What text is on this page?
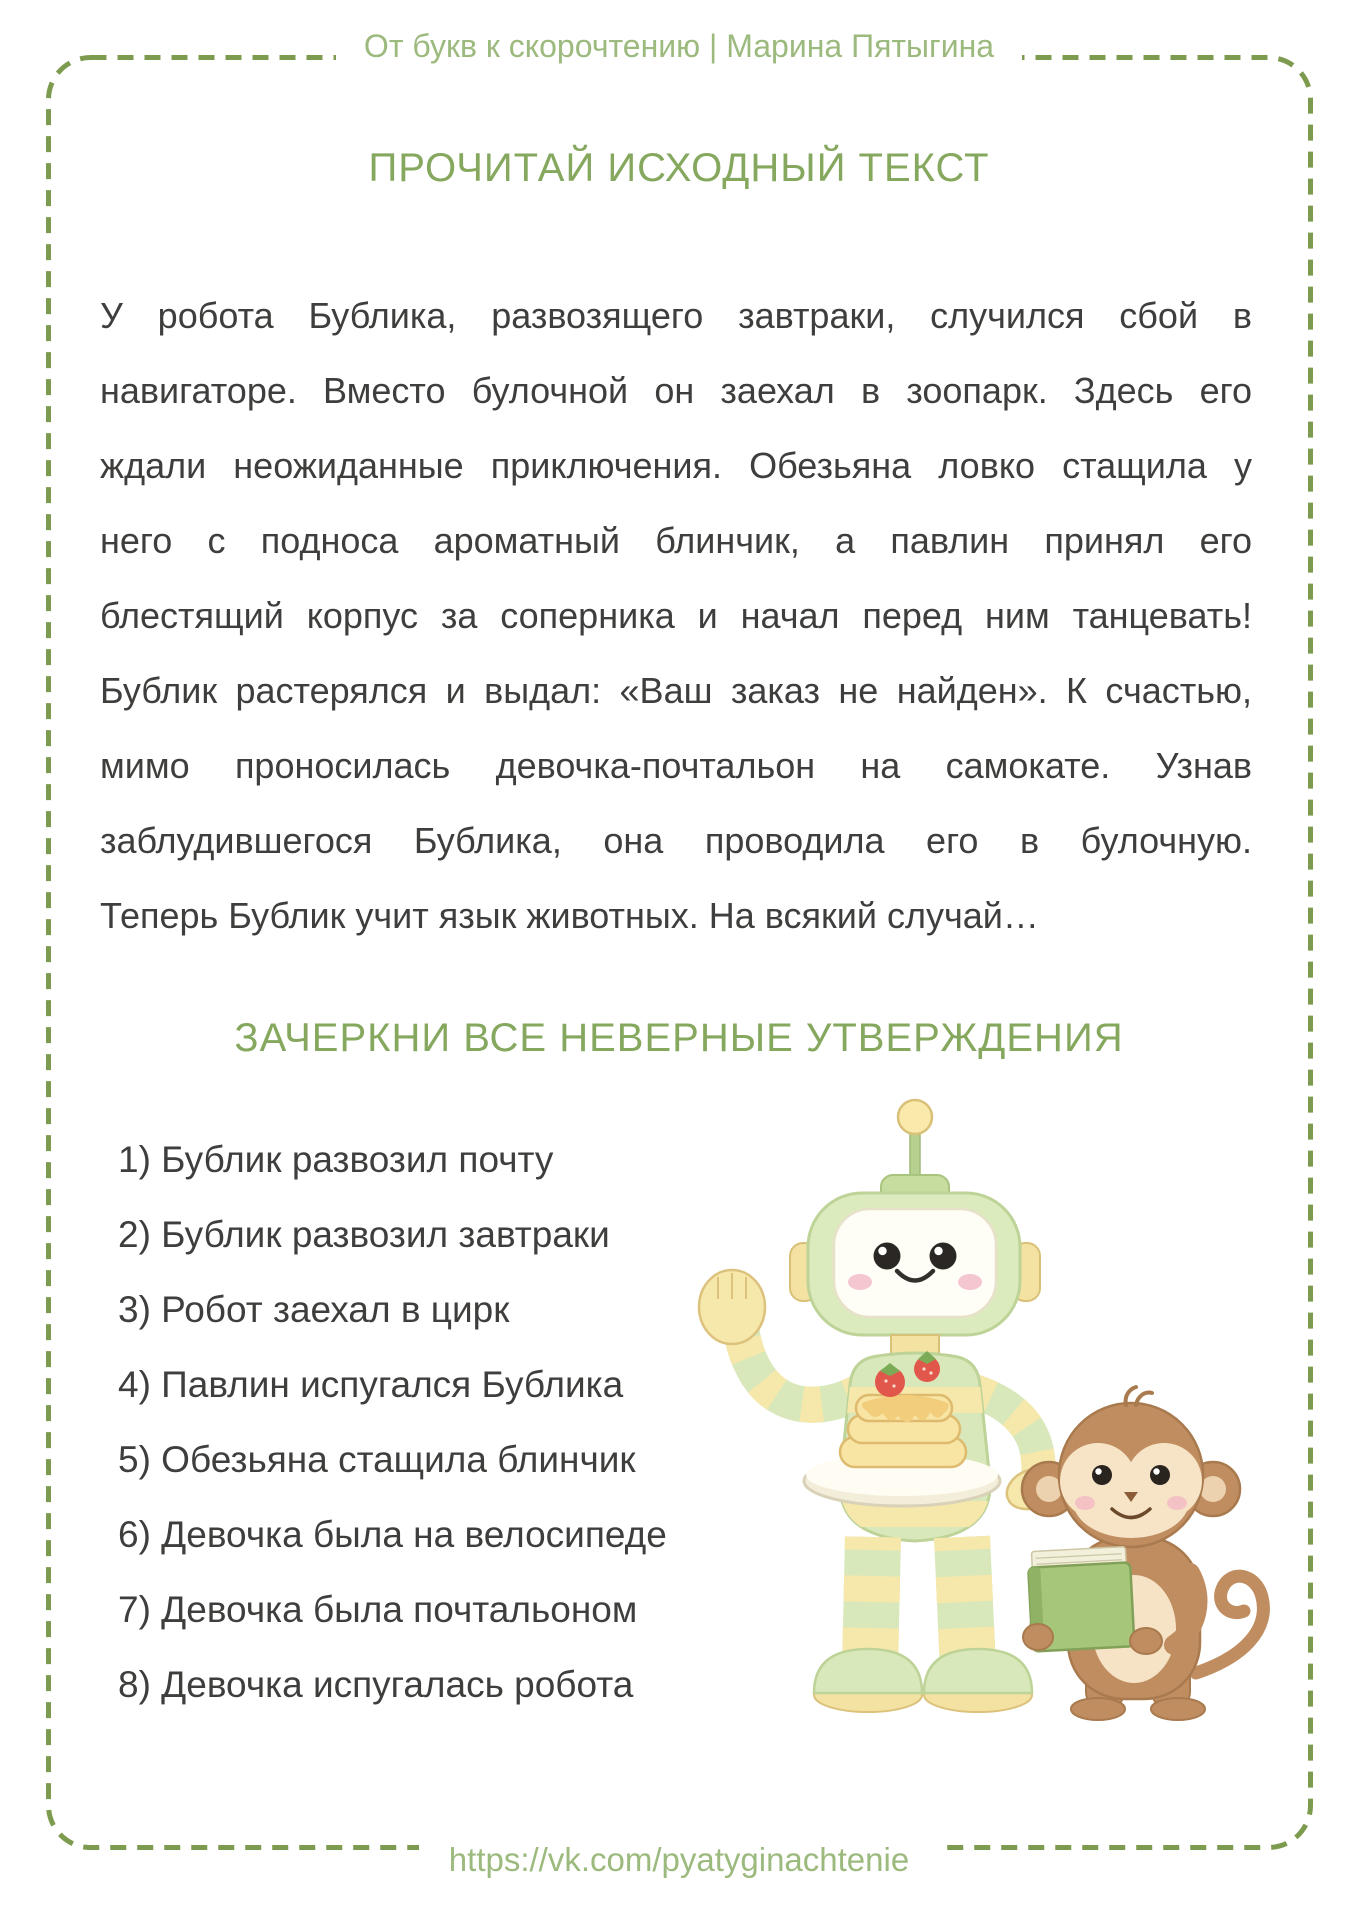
От букв к скорочтению | Марина Пятыгина
ПРОЧИТАЙ ИСХОДНЫЙ ТЕКСТ
У робота Бублика, развозящего завтраки, случился сбой в
навигаторе. Вместо булочной он заехал в зоопарк. Здесь его
ждали неожиданные приключения. Обезьяна ловко стащила у
него с подноса ароматный блинчик, а павлин принял его
блестящий корпус за соперника и начал перед ним танцевать!
Бублик растерялся и выдал: «Ваш заказ не найден». К счастью,
мимо проносилась девочка-почтальон на самокате. Узнав
заблудившегося Бублика, она проводила его в булочную.
Теперь Бублик учит язык животных. На всякий случай…
ЗАЧЕРКНИ ВСЕ НЕВЕРНЫЕ УТВЕРЖДЕНИЯ
1) Бублик развозил почту
2) Бублик развозил завтраки
3) Робот заехал в цирк
4) Павлин испугался Бублика
5) Обезьяна стащила блинчик
6) Девочка была на велосипеде
7) Девочка была почтальоном
8) Девочка испугалась робота
https://vk.com/pyatyginachtenie
